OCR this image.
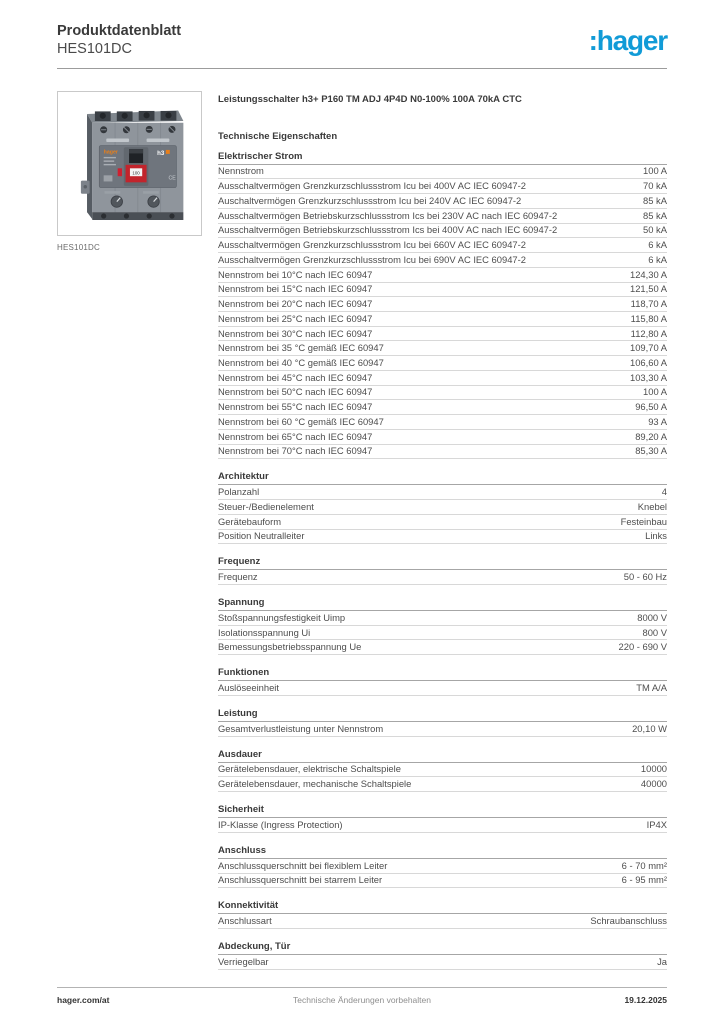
Produktdatenblatt
HES101DC	:hager
hager
100
h3
CE
HES101DC
Leistungsschalter h3+ P160 TM ADJ 4P4D N0-100% 100A 70kA CTC
Technische Eigenschaften
Elektrischer Strom
Nennstrom	100 A
Ausschaltvermögen Grenzkurzschlussstrom Icu bei 400V AC IEC 60947-2	70 kA
Auschaltvermögen Grenzkurzschlussstrom Icu bei 240V AC IEC 60947-2	85 kA
Ausschaltvermögen Betriebskurzschlussstrom Ics bei 230V AC nach IEC 60947-2	85 kA
Ausschaltvermögen Betriebskurzschlussstrom Ics bei 400V AC nach IEC 60947-2	50 kA
Ausschaltvermögen Grenzkurzschlussstrom Icu bei 660V AC IEC 60947-2	6 kA
Ausschaltvermögen Grenzkurzschlussstrom Icu bei 690V AC IEC 60947-2	6 kA
Nennstrom bei 10°C nach IEC 60947	124,30 A
Nennstrom bei 15°C nach IEC 60947	121,50 A
Nennstrom bei 20°C nach IEC 60947	118,70 A
Nennstrom bei 25°C nach IEC 60947	115,80 A
Nennstrom bei 30°C nach IEC 60947	112,80 A
Nennstrom bei 35 °C gemäß IEC 60947	109,70 A
Nennstrom bei 40 °C gemäß IEC 60947	106,60 A
Nennstrom bei 45°C nach IEC 60947	103,30 A
Nennstrom bei 50°C nach IEC 60947	100 A
Nennstrom bei 55°C nach IEC 60947	96,50 A
Nennstrom bei 60 °C gemäß IEC 60947	93 A
Nennstrom bei 65°C nach IEC 60947	89,20 A
Nennstrom bei 70°C nach IEC 60947	85,30 A
Architektur
Polanzahl	4
Steuer-/Bedienelement	Knebel
Gerätebauform	Festeinbau
Position Neutralleiter	Links
Frequenz
Frequenz	50 - 60 Hz
Spannung
Stoßspannungsfestigkeit Uimp	8000 V
Isolationsspannung Ui	800 V
Bemessungsbetriebsspannung Ue	220 - 690 V
Funktionen
Auslöseeinheit	TM A/A
Leistung
Gesamtverlustleistung unter Nennstrom	20,10 W
Ausdauer
Gerätelebensdauer, elektrische Schaltspiele	10000
Gerätelebensdauer, mechanische Schaltspiele	40000
Sicherheit
IP-Klasse (Ingress Protection)	IP4X
Anschluss
Anschlussquerschnitt bei flexiblem Leiter	6 - 70 mm²
Anschlussquerschnitt bei starrem Leiter	6 - 95 mm²
Konnektivität
Anschlussart	Schraubanschluss
Abdeckung, Tür
Verriegelbar	Ja
hager.com/at	Technische Änderungen vorbehalten	19.12.2025
